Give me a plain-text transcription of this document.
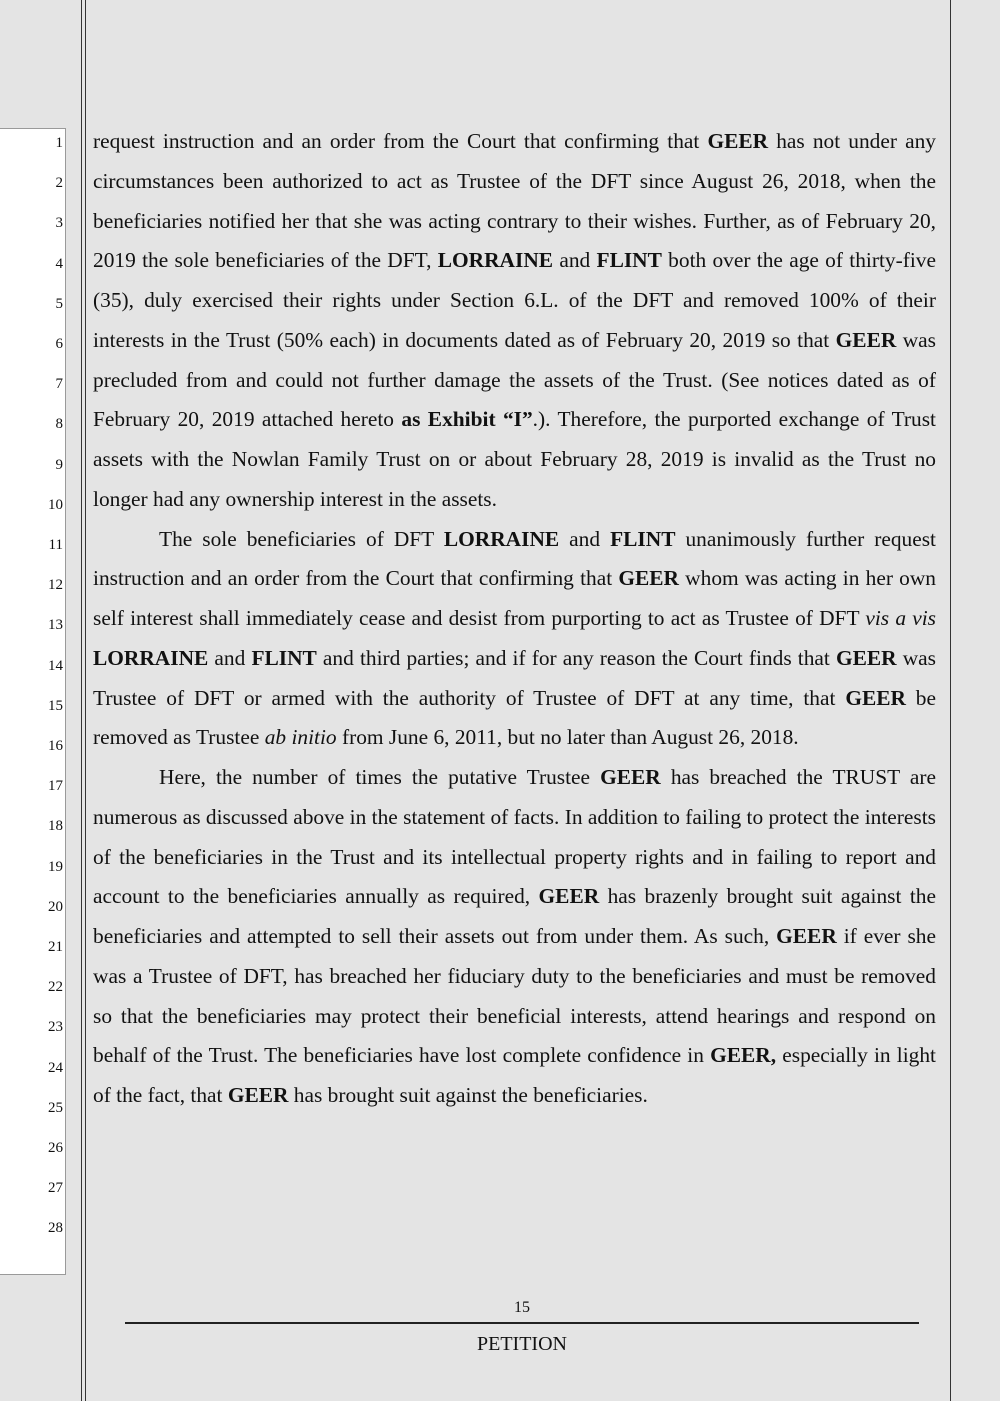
1
2
3
4
5
6
7
8
9
10
11
12
13
14
15
16
17
18
19
20
21
22
23
24
25
26
27
28

request instruction and an order from the Court that confirming that GEER has not under any circumstances been authorized to act as Trustee of the DFT since August 26, 2018, when the beneficiaries notified her that she was acting contrary to their wishes. Further, as of February 20, 2019 the sole beneficiaries of the DFT, LORRAINE and FLINT both over the age of thirty-five (35), duly exercised their rights under Section 6.L. of the DFT and removed 100% of their interests in the Trust (50% each) in documents dated as of February 20, 2019 so that GEER was precluded from and could not further damage the assets of the Trust. (See notices dated as of February 20, 2019 attached hereto as Exhibit “I”.). Therefore, the purported exchange of Trust assets with the Nowlan Family Trust on or about February 28, 2019 is invalid as the Trust no longer had any ownership interest in the assets.

The sole beneficiaries of DFT LORRAINE and FLINT unanimously further request instruction and an order from the Court that confirming that GEER whom was acting in her own self interest shall immediately cease and desist from purporting to act as Trustee of DFT vis a vis LORRAINE and FLINT and third parties; and if for any reason the Court finds that GEER was Trustee of DFT or armed with the authority of Trustee of DFT at any time, that GEER be removed as Trustee ab initio from June 6, 2011, but no later than August 26, 2018.

Here, the number of times the putative Trustee GEER has breached the TRUST are numerous as discussed above in the statement of facts. In addition to failing to protect the interests of the beneficiaries in the Trust and its intellectual property rights and in failing to report and account to the beneficiaries annually as required, GEER has brazenly brought suit against the beneficiaries and attempted to sell their assets out from under them. As such, GEER if ever she was a Trustee of DFT, has breached her fiduciary duty to the beneficiaries and must be removed so that the beneficiaries may protect their beneficial interests, attend hearings and respond on behalf of the Trust. The beneficiaries have lost complete confidence in GEER, especially in light of the fact, that GEER has brought suit against the beneficiaries.

15
PETITION
